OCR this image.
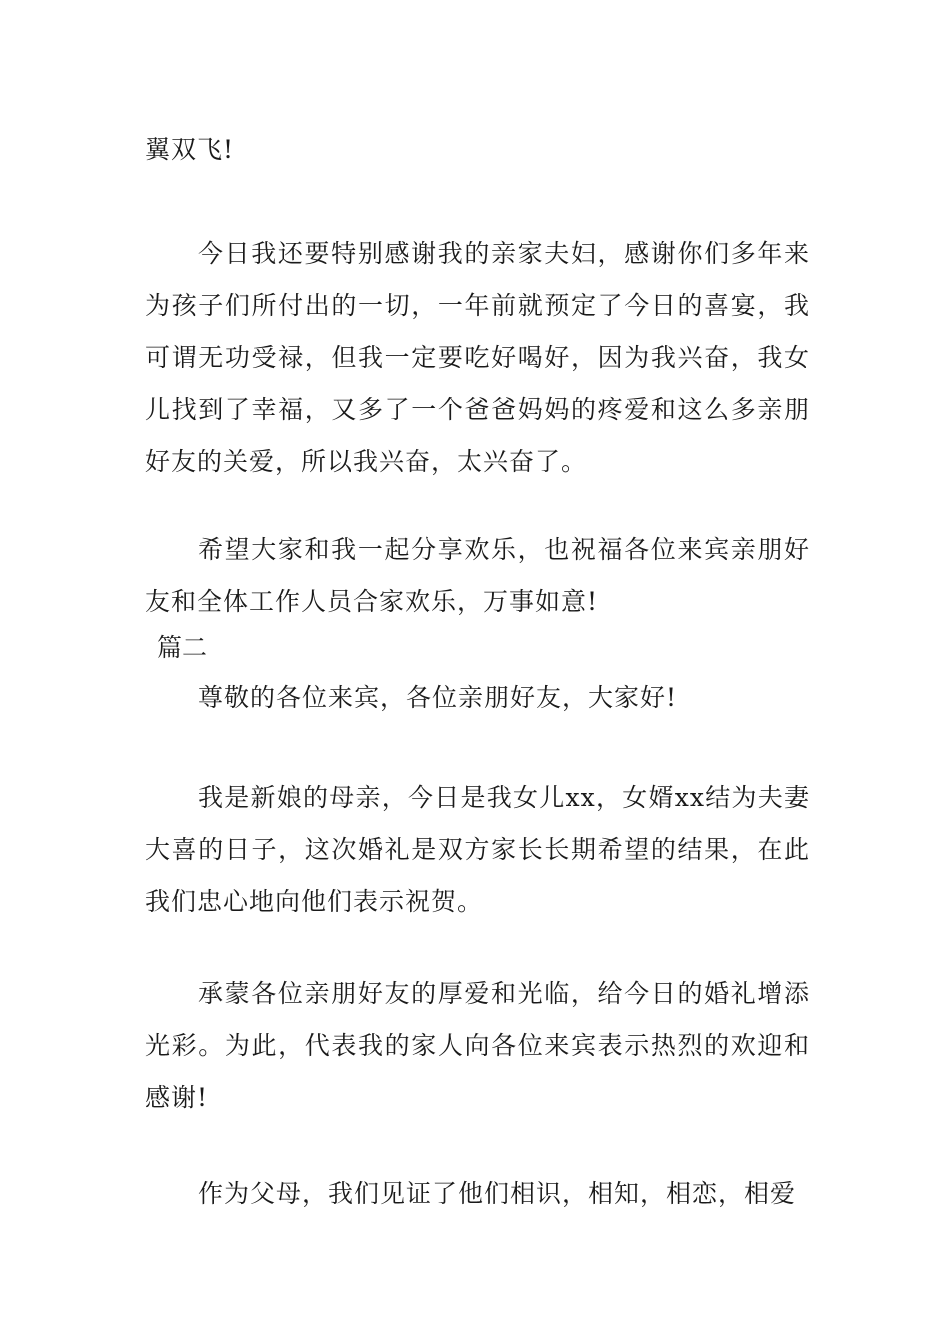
翼双飞!

今日我还要特别感谢我的亲家夫妇，感谢你们多年来为孩子们所付出的一切，一年前就预定了今日的喜宴，我可谓无功受禄，但我一定要吃好喝好，因为我兴奋，我女儿找到了幸福，又多了一个爸爸妈妈的疼爱和这么多亲朋好友的关爱，所以我兴奋，太兴奋了。

希望大家和我一起分享欢乐，也祝福各位来宾亲朋好友和全体工作人员合家欢乐，万事如意!

篇二

尊敬的各位来宾，各位亲朋好友，大家好!

我是新娘的母亲，今日是我女儿xx，女婿xx结为夫妻大喜的日子，这次婚礼是双方家长长期希望的结果，在此我们忠心地向他们表示祝贺。

承蒙各位亲朋好友的厚爱和光临，给今日的婚礼增添光彩。为此，代表我的家人向各位来宾表示热烈的欢迎和感谢!

作为父母，我们见证了他们相识，相知，相恋，相爱
